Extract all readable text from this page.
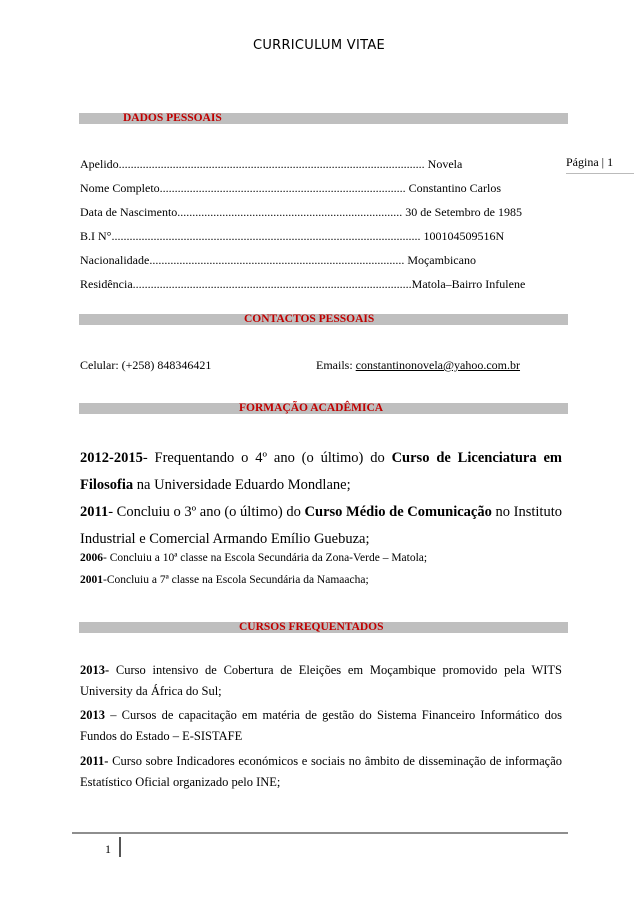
CURRICULUM VITAE
Página | 1
DADOS PESSOAIS
Apelido...................................................................................................... Novela
Nome Completo.................................................................................. Constantino Carlos
Data de Nascimento........................................................................... 30 de Setembro de 1985
B.I N°....................................................................................................... 100104509516N
Nacionalidade..................................................................................... Moçambicano
Residência.............................................................................................Matola–Bairro Infulene
CONTACTOS PESSOAIS
Celular: (+258) 848346421	Emails: constantinonovela@yahoo.com.br
FORMAÇÃO ACADÊMICA
2012-2015- Frequentando o 4º ano (o último) do Curso de Licenciatura em Filosofia na Universidade Eduardo Mondlane;
2011- Concluiu o 3º ano (o último) do Curso Médio de Comunicação no Instituto Industrial e Comercial Armando Emílio Guebuza;
2006- Concluiu a 10ª classe na Escola Secundária da Zona-Verde – Matola;
2001-Concluiu a 7ª classe na Escola Secundária da Namaacha;
CURSOS FREQUENTADOS
2013- Curso intensivo de Cobertura de Eleições em Moçambique promovido pela WITS University da África do Sul;
2013 – Cursos de capacitação em matéria de gestão do Sistema Financeiro Informático dos Fundos do Estado – E-SISTAFE
2011- Curso sobre Indicadores económicos e sociais no âmbito de disseminação de informação Estatístico Oficial organizado pelo INE;
1
